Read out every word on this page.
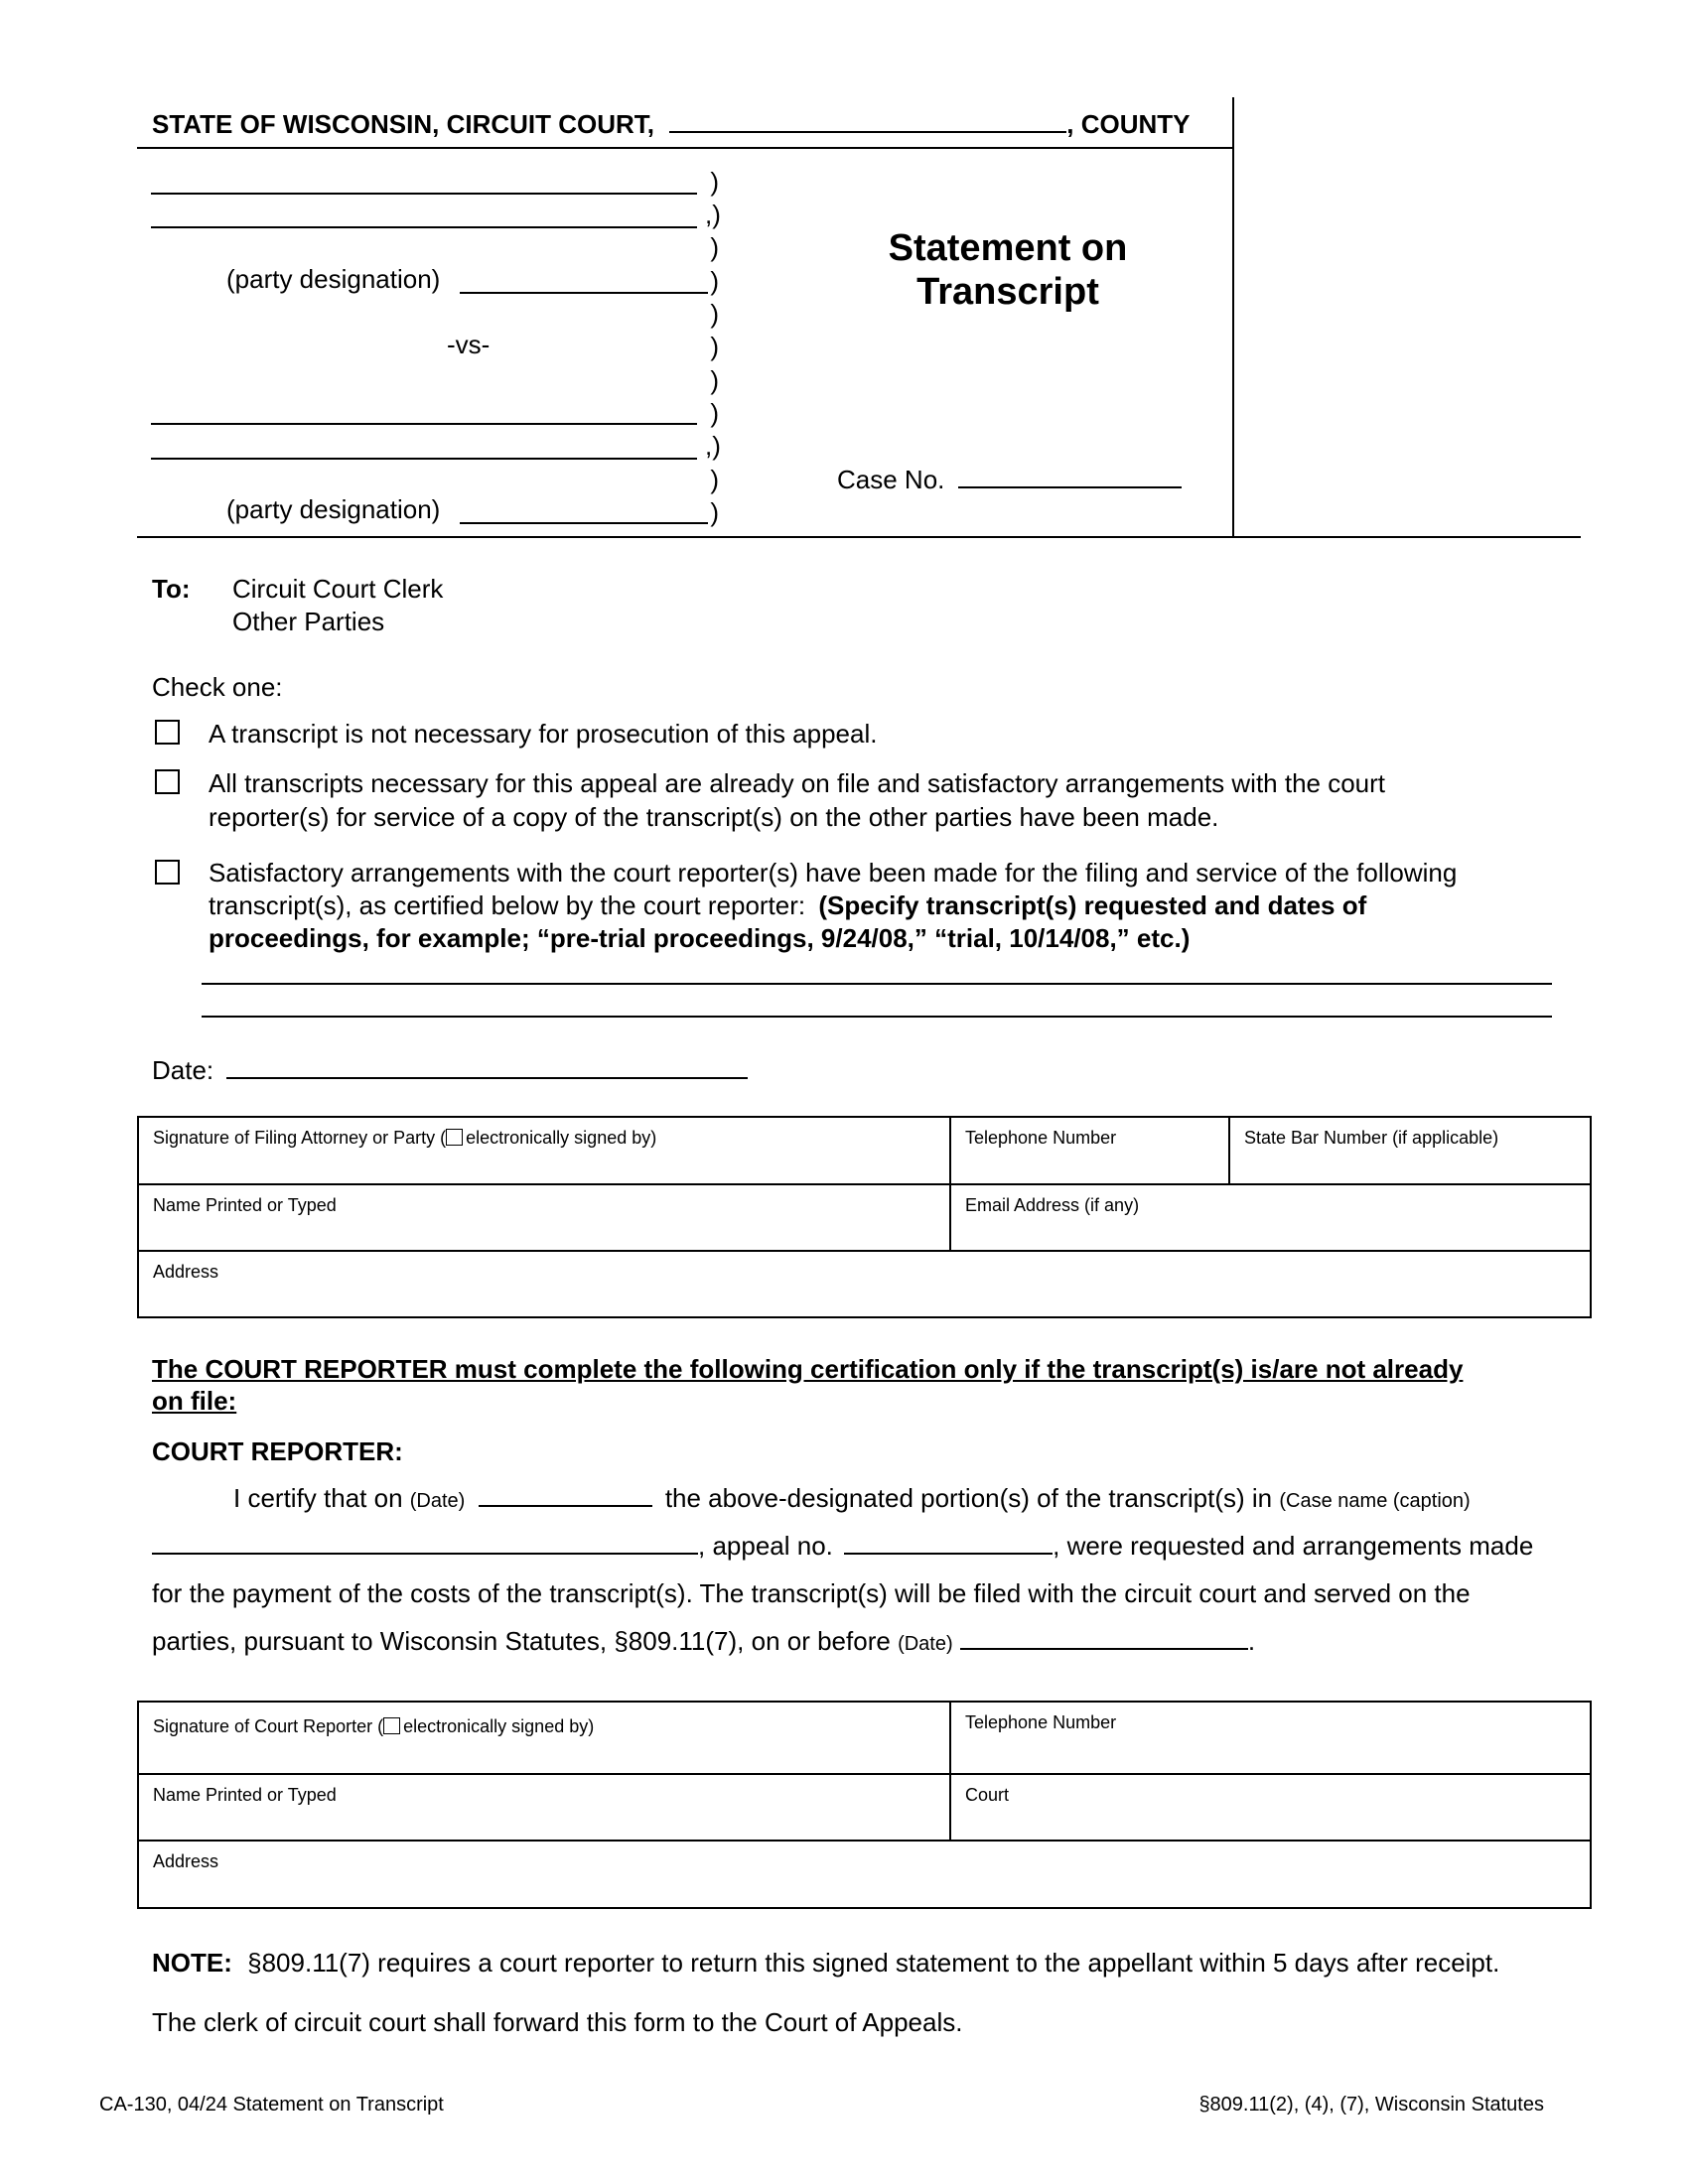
STATE OF WISCONSIN, CIRCUIT COURT,	, COUNTY
(party designation)
-vs-
(party designation)
)
,)
)
)
)
)
)
)
,)
)
)
Statement on
Transcript
Case No.
To: Circuit Court Clerk
Other Parties
Check one:
A transcript is not necessary for prosecution of this appeal.
All transcripts necessary for this appeal are already on file and satisfactory arrangements with the court
reporter(s) for service of a copy of the transcript(s) on the other parties have been made.
Satisfactory arrangements with the court reporter(s) have been made for the filing and service of the following
transcript(s), as certified below by the court reporter: (Specify transcript(s) requested and dates of
proceedings, for example; “pre-trial proceedings, 9/24/08,” “trial, 10/14/08,” etc.)
Date:
Signature of Filing Attorney or Party ( electronically signed by)	Telephone Number	State Bar Number (if applicable)
Name Printed or Typed	Email Address (if any)	
Address		
The COURT REPORTER must complete the following certification only if the transcript(s) is/are not already
on file:
COURT REPORTER:
I certify that on (Date)	the above-designated portion(s) of the transcript(s) in (Case name (caption)
, appeal no.	, were requested and arrangements made
for the payment of the costs of the transcript(s). The transcript(s) will be filed with the circuit court and served on the
parties, pursuant to Wisconsin Statutes, §809.11(7), on or before (Date)	.
Signature of Court Reporter ( electronically signed by)	Telephone Number
Name Printed or Typed	Court
Address	
NOTE: §809.11(7) requires a court reporter to return this signed statement to the appellant within 5 days after receipt.
The clerk of circuit court shall forward this form to the Court of Appeals.
CA-130, 04/24 Statement on Transcript	§809.11(2), (4), (7), Wisconsin Statutes
